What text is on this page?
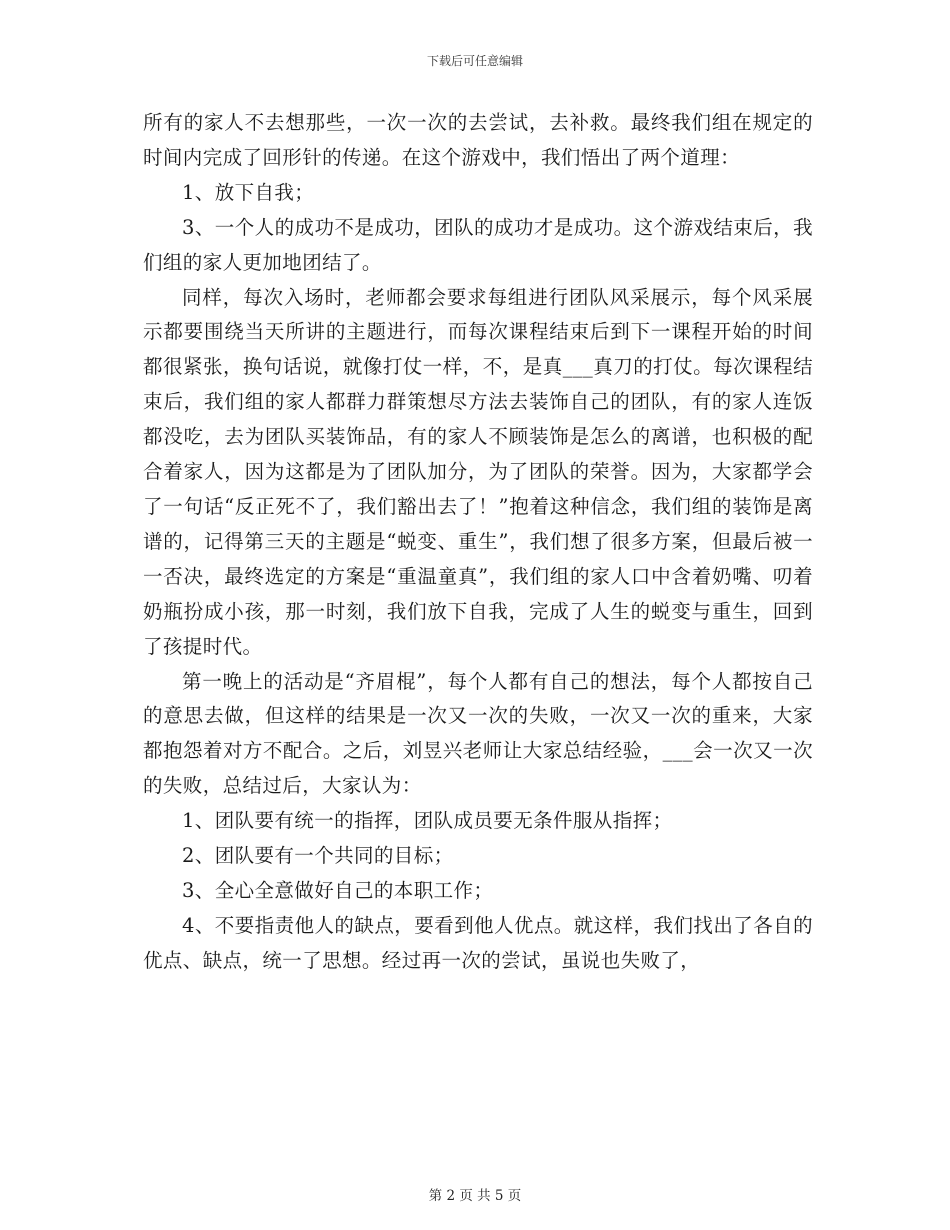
下载后可任意编辑

所有的家人不去想那些，一次一次的去尝试，去补救。最终我们组在规定的时间内完成了回形针的传递。在这个游戏中，我们悟出了两个道理：

1、放下自我；

3、一个人的成功不是成功，团队的成功才是成功。这个游戏结束后，我们组的家人更加地团结了。

同样，每次入场时，老师都会要求每组进行团队风采展示，每个风采展示都要围绕当天所讲的主题进行，而每次课程结束后到下一课程开始的时间都很紧张，换句话说，就像打仗一样，不，是真___真刀的打仗。每次课程结束后，我们组的家人都群力群策想尽方法去装饰自己的团队，有的家人连饭都没吃，去为团队买装饰品，有的家人不顾装饰是怎么的离谱，也积极的配合着家人，因为这都是为了团队加分，为了团队的荣誉。因为，大家都学会了一句话“反正死不了，我们豁出去了！”抱着这种信念，我们组的装饰是离谱的，记得第三天的主题是“蜕变、重生”，我们想了很多方案，但最后被一一否决，最终选定的方案是“重温童真”，我们组的家人口中含着奶嘴、叨着奶瓶扮成小孩，那一时刻，我们放下自我，完成了人生的蜕变与重生，回到了孩提时代。

第一晚上的活动是“齐眉棍”，每个人都有自己的想法，每个人都按自己的意思去做，但这样的结果是一次又一次的失败，一次又一次的重来，大家都抱怨着对方不配合。之后，刘昱兴老师让大家总结经验，___会一次又一次的失败，总结过后，大家认为：

1、团队要有统一的指挥，团队成员要无条件服从指挥；

2、团队要有一个共同的目标；

3、全心全意做好自己的本职工作；

4、不要指责他人的缺点，要看到他人优点。就这样，我们找出了各自的优点、缺点，统一了思想。经过再一次的尝试，虽说也失败了，

第 2 页 共 5 页
